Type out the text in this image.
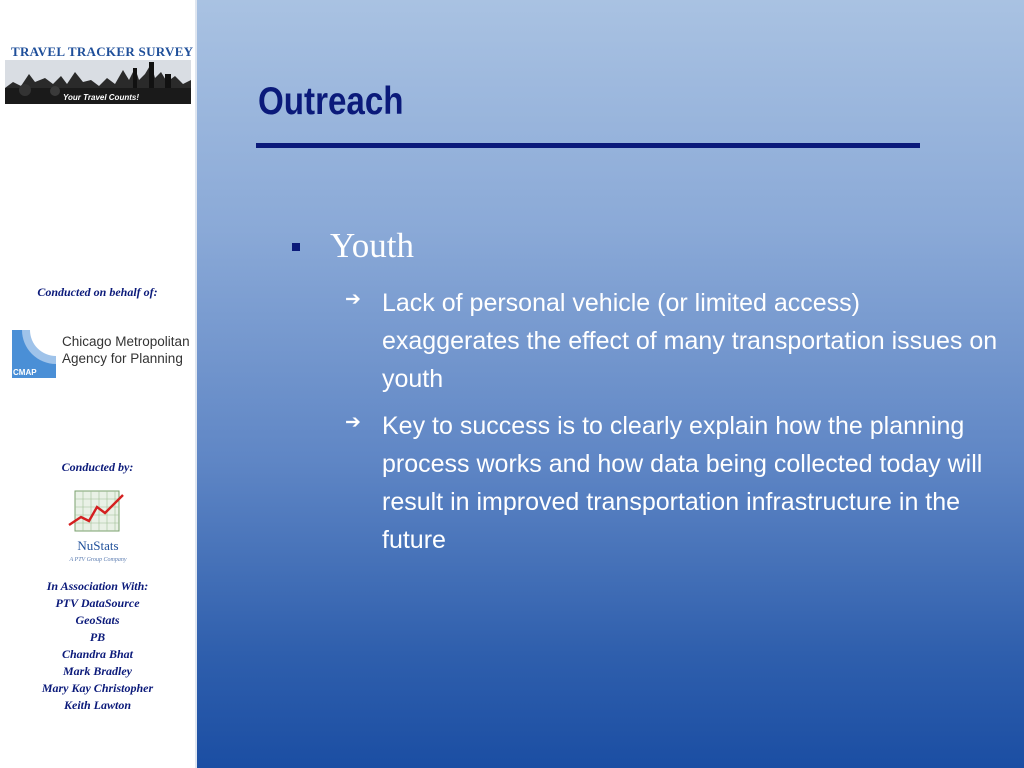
TRAVEL TRACKER SURVEY
Your Travel Counts!
Conducted on behalf of:
CMAP
Chicago Metropolitan
Agency for Planning
Conducted by:
NuStats
A PTV Group Company
In Association With:
PTV DataSource
GeoStats
PB
Chandra Bhat
Mark Bradley
Mary Kay Christopher
Keith Lawton
Outreach
Youth
➔ Lack of personal vehicle (or limited access) exaggerates the effect of many transportation issues on youth
➔ Key to success is to clearly explain how the planning process works and how data being collected today will result in improved transportation infrastructure in the future
